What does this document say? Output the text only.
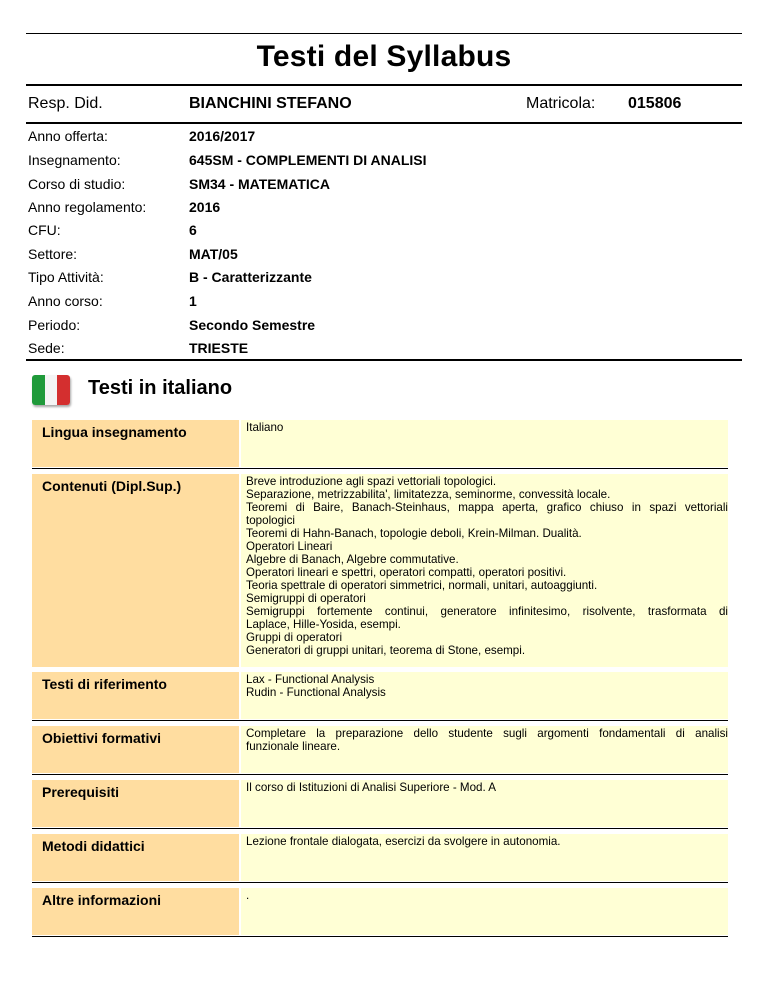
Testi del Syllabus
Resp. Did.	BIANCHINI STEFANO	Matricola: 015806
Anno offerta:	2016/2017
Insegnamento:	645SM - COMPLEMENTI DI ANALISI
Corso di studio:	SM34 - MATEMATICA
Anno regolamento:	2016
CFU:	6
Settore:	MAT/05
Tipo Attività:	B - Caratterizzante
Anno corso:	1
Periodo:	Secondo Semestre
Sede:	TRIESTE
Testi in italiano
Lingua insegnamento	Italiano
Contenuti (Dipl.Sup.)	Breve introduzione agli spazi vettoriali topologici.
Separazione, metrizzabilita', limitatezza, seminorme, convessità locale.
Teoremi di Baire, Banach-Steinhaus, mappa aperta, grafico chiuso in spazi vettoriali
topologici
Teoremi di Hahn-Banach, topologie deboli, Krein-Milman. Dualità.
Operatori Lineari
Algebre di Banach, Algebre commutative.
Operatori lineari e spettri, operatori compatti, operatori positivi.
Teoria spettrale di operatori simmetrici, normali, unitari, autoaggiunti.
Semigruppi di operatori
Semigruppi fortemente continui, generatore infinitesimo, risolvente, trasformata di
Laplace, Hille-Yosida, esempi.
Gruppi di operatori
Generatori di gruppi unitari, teorema di Stone, esempi.
Testi di riferimento	Lax - Functional Analysis
Rudin - Functional Analysis
Obiettivi formativi	Completare la preparazione dello studente sugli argomenti fondamentali di analisi
funzionale lineare.
Prerequisiti	Il corso di Istituzioni di Analisi Superiore - Mod. A
Metodi didattici	Lezione frontale dialogata, esercizi da svolgere in autonomia.
Altre informazioni	.
